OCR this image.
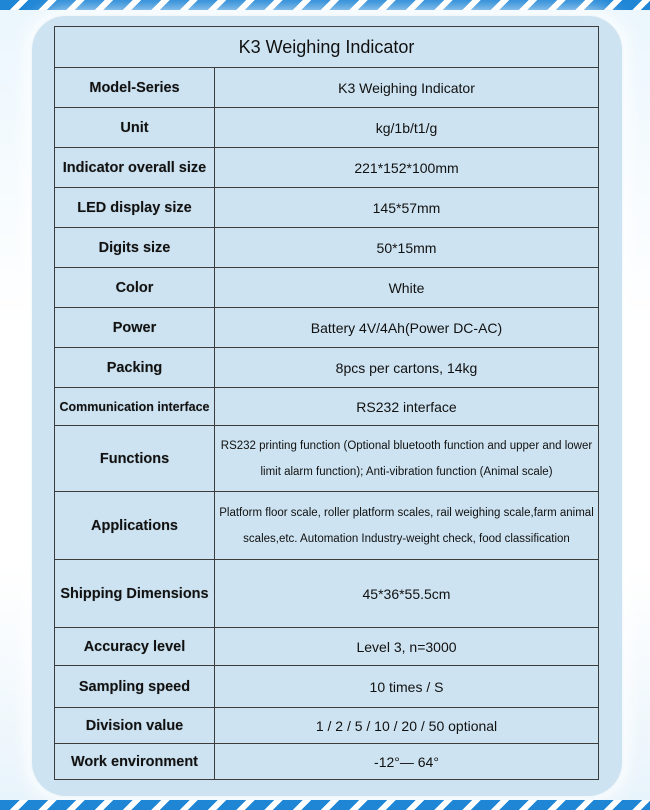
K3 Weighing Indicator	
Model-Series	K3 Weighing Indicator
Unit	kg/1b/t1/g
Indicator overall size	221*152*100mm
LED display size	145*57mm
Digits size	50*15mm
Color	White
Power	Battery 4V/4Ah(Power DC-AC)
Packing	8pcs per cartons, 14kg
Communication interface	RS232 interface
Functions	RS232 printing function (Optional bluetooth function and upper and lower limit alarm function); Anti-vibration function (Animal scale)
Applications	Platform floor scale, roller platform scales, rail weighing scale,farm animal scales,etc. Automation Industry-weight check, food classification
Shipping Dimensions	45*36*55.5cm
Accuracy level	Level 3, n=3000
Sampling speed	10 times / S
Division value	1 / 2 / 5 / 10 / 20 / 50 optional
Work environment	-12°— 64°
